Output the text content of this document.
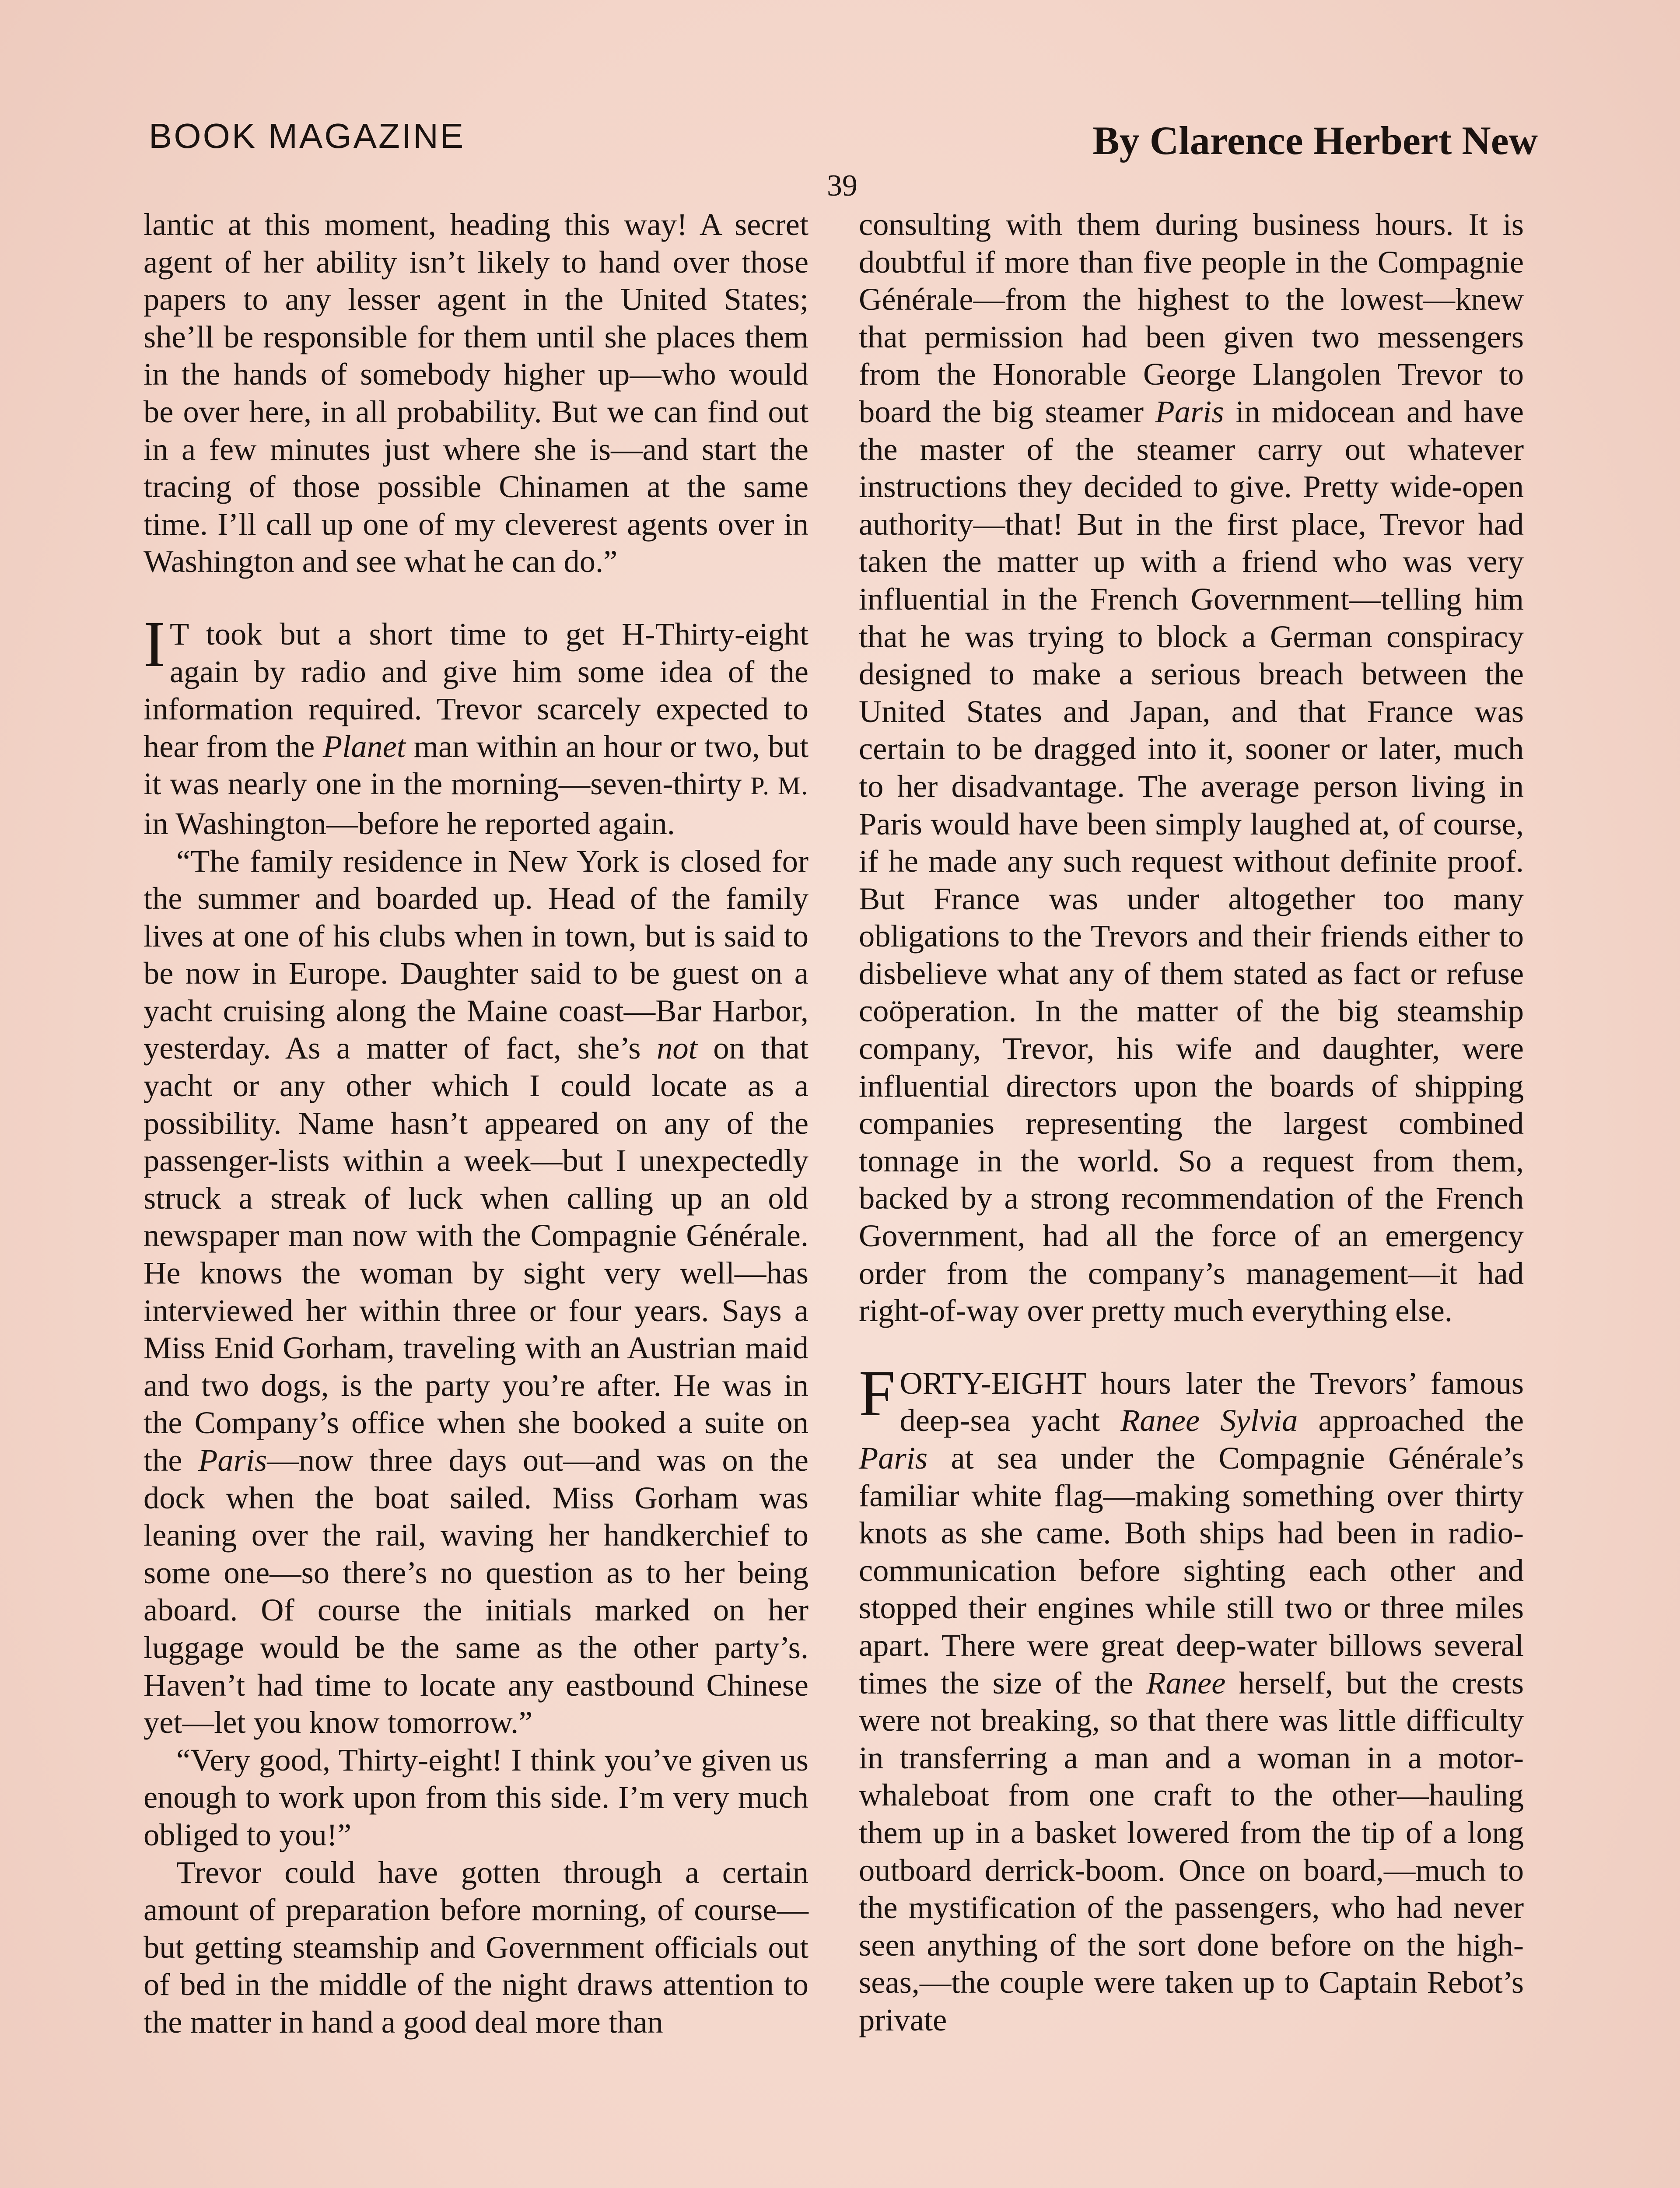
BOOK MAGAZINE	By Clarence Herbert New
39

lantic at this moment, heading this way! A secret agent of her ability isn’t likely to hand over those papers to any lesser agent in the United States; she’ll be responsible for them until she places them in the hands of somebody higher up—who would be over here, in all probability. But we can find out in a few minutes just where she is—and start the tracing of those possible Chinamen at the same time. I’ll call up one of my cleverest agents over in Washington and see what he can do.”

I T took but a short time to get H-Thirty-eight again by radio and give him some idea of the information required. Trevor scarcely expected to hear from the Planet man within an hour or two, but it was nearly one in the morning—seven-thirty P. M. in Washington—before he reported again.

“The family residence in New York is closed for the summer and boarded up. Head of the family lives at one of his clubs when in town, but is said to be now in Europe. Daughter said to be guest on a yacht cruising along the Maine coast—Bar Harbor, yesterday. As a matter of fact, she’s not on that yacht or any other which I could locate as a possibility. Name hasn’t appeared on any of the passenger-lists within a week—but I unexpectedly struck a streak of luck when calling up an old newspaper man now with the Compagnie Générale. He knows the woman by sight very well—has interviewed her within three or four years. Says a Miss Enid Gorham, traveling with an Austrian maid and two dogs, is the party you’re after. He was in the Company’s office when she booked a suite on the Paris—now three days out—and was on the dock when the boat sailed. Miss Gorham was leaning over the rail, waving her handkerchief to some one—so there’s no question as to her being aboard. Of course the initials marked on her luggage would be the same as the other party’s. Haven’t had time to locate any eastbound Chinese yet—let you know tomorrow.”

“Very good, Thirty-eight! I think you’ve given us enough to work upon from this side. I’m very much obliged to you!”

Trevor could have gotten through a certain amount of preparation before morning, of course—but getting steamship and Government officials out of bed in the middle of the night draws attention to the matter in hand a good deal more than

consulting with them during business hours. It is doubtful if more than five people in the Compagnie Générale—from the highest to the lowest—knew that permission had been given two messengers from the Honorable George Llangolen Trevor to board the big steamer Paris in midocean and have the master of the steamer carry out whatever instructions they decided to give. Pretty wide-open authority—that! But in the first place, Trevor had taken the matter up with a friend who was very influential in the French Government—telling him that he was trying to block a German conspiracy designed to make a serious breach between the United States and Japan, and that France was certain to be dragged into it, sooner or later, much to her disadvantage. The average person living in Paris would have been simply laughed at, of course, if he made any such request without definite proof. But France was under altogether too many obligations to the Trevors and their friends either to disbelieve what any of them stated as fact or refuse coöperation. In the matter of the big steamship company, Trevor, his wife and daughter, were influential directors upon the boards of shipping companies representing the largest combined tonnage in the world. So a request from them, backed by a strong recommendation of the French Government, had all the force of an emergency order from the company’s management—it had right-of-way over pretty much everything else.

FORTY-EIGHT hours later the Trevors’ famous deep-sea yacht Ranee Sylvia approached the Paris at sea under the Compagnie Générale’s familiar white flag—making something over thirty knots as she came. Both ships had been in radio-communication before sighting each other and stopped their engines while still two or three miles apart. There were great deep-water billows several times the size of the Ranee herself, but the crests were not breaking, so that there was little difficulty in transferring a man and a woman in a motor-whaleboat from one craft to the other—hauling them up in a basket lowered from the tip of a long outboard derrick-boom. Once on board,—much to the mystification of the passengers, who had never seen anything of the sort done before on the high-seas,—the couple were taken up to Captain Rebot’s private
